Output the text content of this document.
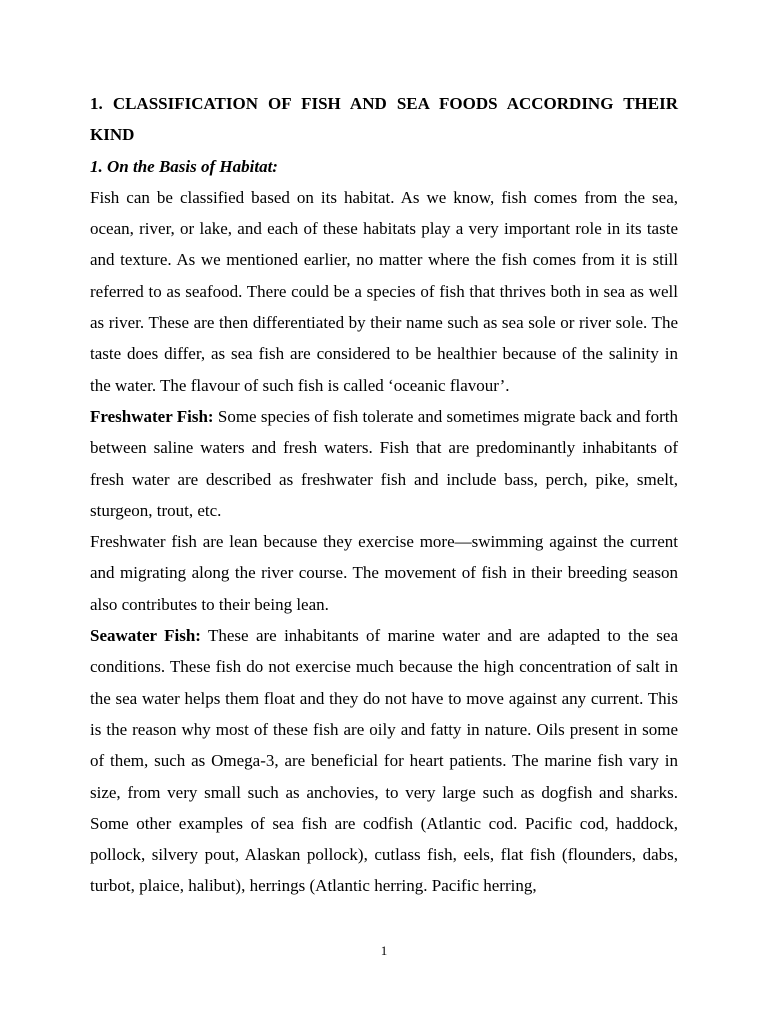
1. CLASSIFICATION OF FISH AND SEA FOODS ACCORDING THEIR KIND

1. On the Basis of Habitat:

Fish can be classified based on its habitat. As we know, fish comes from the sea, ocean, river, or lake, and each of these habitats play a very important role in its taste and texture. As we mentioned earlier, no matter where the fish comes from it is still referred to as seafood. There could be a species of fish that thrives both in sea as well as river. These are then differentiated by their name such as sea sole or river sole. The taste does differ, as sea fish are considered to be healthier because of the salinity in the water. The flavour of such fish is called ‘oceanic flavour’.

Freshwater Fish: Some species of fish tolerate and sometimes migrate back and forth between saline waters and fresh waters. Fish that are predominantly inhabitants of fresh water are described as freshwater fish and include bass, perch, pike, smelt, sturgeon, trout, etc.

Freshwater fish are lean because they exercise more—swimming against the current and migrating along the river course. The movement of fish in their breeding season also contributes to their being lean.

Seawater Fish: These are inhabitants of marine water and are adapted to the sea conditions. These fish do not exercise much because the high concentration of salt in the sea water helps them float and they do not have to move against any current. This is the reason why most of these fish are oily and fatty in nature. Oils present in some of them, such as Omega-3, are beneficial for heart patients. The marine fish vary in size, from very small such as anchovies, to very large such as dogfish and sharks. Some other examples of sea fish are codfish (Atlantic cod. Pacific cod, haddock, pollock, silvery pout, Alaskan pollock), cutlass fish, eels, flat fish (flounders, dabs, turbot, plaice, halibut), herrings (Atlantic herring. Pacific herring,

1
